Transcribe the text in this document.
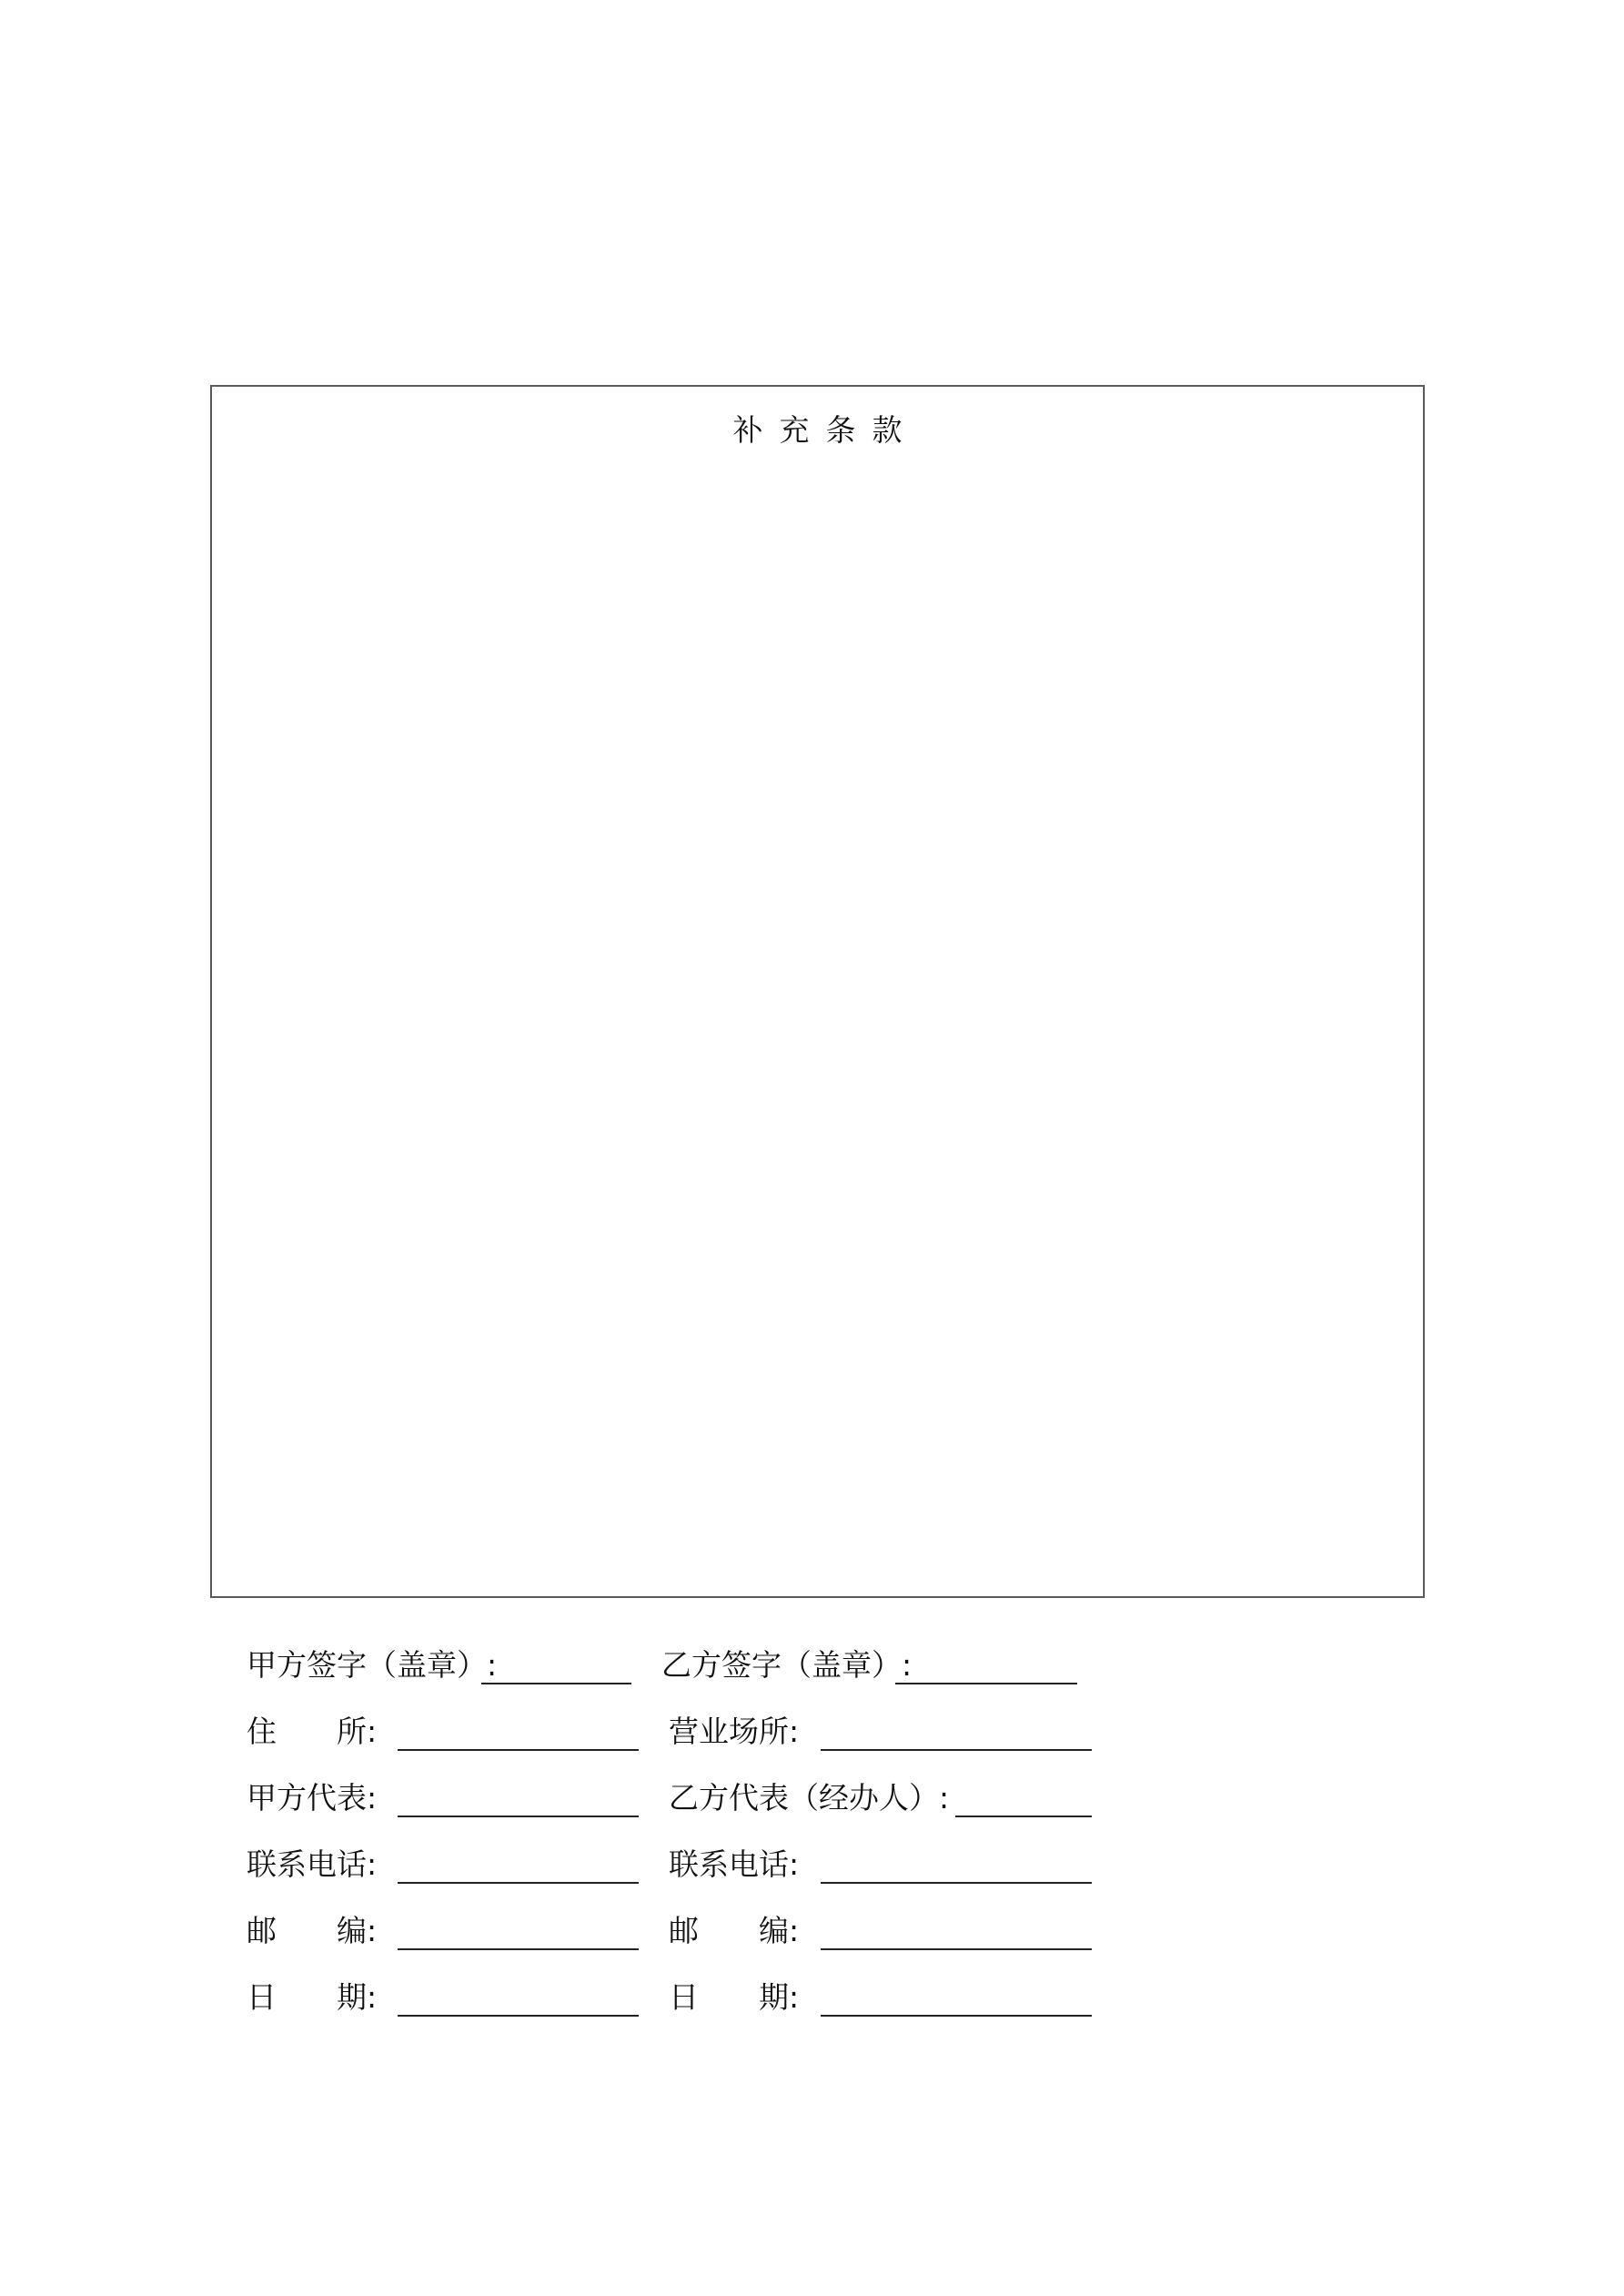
补充条款
甲方签字（盖章）:	乙方签字（盖章）:
住　　所:	营业场所:
甲方代表:	乙方代表（经办人）:
联系电话:	联系电话:
邮　　编:	邮　　编:
日　　期:	日　　期:
